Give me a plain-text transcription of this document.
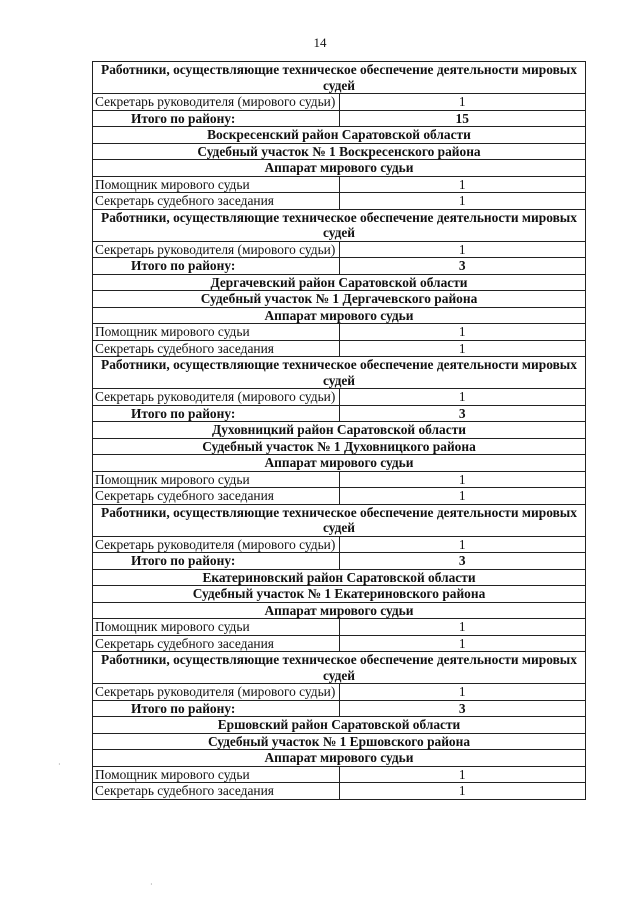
14
Работники, осуществляющие техническое обеспечение деятельности мировых судей	
Секретарь руководителя (мирового судьи)	1
Итого по району:	15
Воскресенский район Саратовской области	
Судебный участок № 1 Воскресенского района	
Аппарат мирового судьи	
Помощник мирового судьи	1
Секретарь судебного заседания	1
Работники, осуществляющие техническое обеспечение деятельности мировых судей	
Секретарь руководителя (мирового судьи)	1
Итого по району:	3
Дергачевский район Саратовской области	
Судебный участок № 1 Дергачевского района	
Аппарат мирового судьи	
Помощник мирового судьи	1
Секретарь судебного заседания	1
Работники, осуществляющие техническое обеспечение деятельности мировых судей	
Секретарь руководителя (мирового судьи)	1
Итого по району:	3
Духовницкий район Саратовской области	
Судебный участок № 1 Духовницкого района	
Аппарат мирового судьи	
Помощник мирового судьи	1
Секретарь судебного заседания	1
Работники, осуществляющие техническое обеспечение деятельности мировых судей	
Секретарь руководителя (мирового судьи)	1
Итого по району:	3
Екатериновский район Саратовской области	
Судебный участок № 1 Екатериновского района	
Аппарат мирового судьи	
Помощник мирового судьи	1
Секретарь судебного заседания	1
Работники, осуществляющие техническое обеспечение деятельности мировых судей	
Секретарь руководителя (мирового судьи)	1
Итого по району:	3
Ершовский район Саратовской области	
Судебный участок № 1 Ершовского района	
Аппарат мирового судьи	
Помощник мирового судьи	1
Секретарь судебного заседания	1
·
·
